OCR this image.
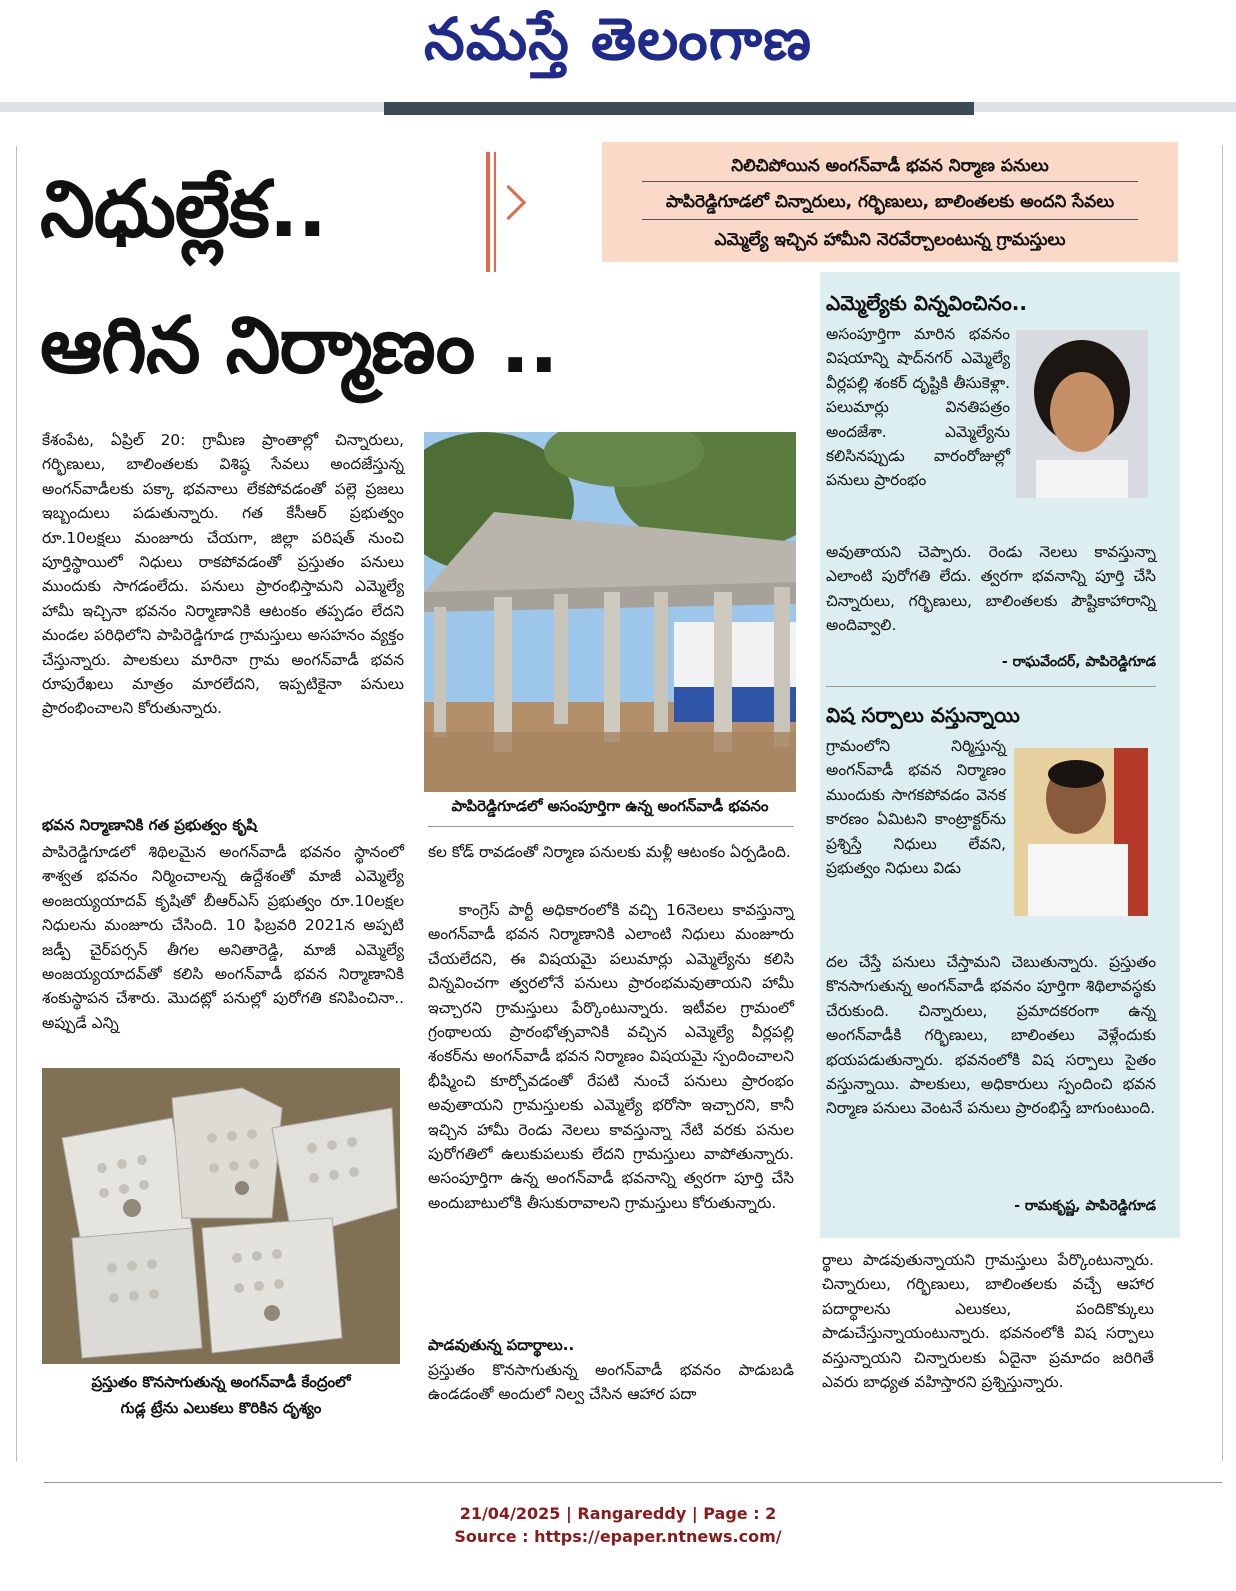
నమస్తే తెలంగాణ
నిధుల్లేక..
ఆగిన నిర్మాణం ..
నిలిచిపోయిన అంగన్‌వాడీ భవన నిర్మాణ పనులు
పాపిరెడ్డిగూడలో చిన్నారులు, గర్భిణులు, బాలింతలకు అందని సేవలు
ఎమ్మెల్యే ఇచ్చిన హామీని నెరవేర్చాలంటున్న గ్రామస్తులు

కేశంపేట, ఏప్రిల్ 20: గ్రామీణ ప్రాంతాల్లో చిన్నారులు, గర్భిణులు, బాలింతలకు విశిష్ఠ సేవలు అందజేస్తున్న అంగన్‌వాడీలకు పక్కా భవనాలు లేకపోవడంతో పల్లె ప్రజలు ఇబ్బందులు పడుతున్నారు. గత కేసీఆర్ ప్రభుత్వం రూ.10లక్షలు మంజూరు చేయగా, జిల్లా పరిషత్ నుంచి పూర్తిస్థాయిలో నిధులు రాకపోవడంతో ప్రస్తుతం పనులు ముందుకు సాగడంలేదు. పనులు ప్రారంభిస్తామని ఎమ్మెల్యే హామీ ఇచ్చినా భవనం నిర్మాణానికి ఆటంకం తప్పడం లేదని మండల పరిధిలోని పాపిరెడ్డిగూడ గ్రామస్తులు అసహనం వ్యక్తం చేస్తున్నారు. పాలకులు మారినా గ్రామ అంగన్‌వాడీ భవన రూపురేఖలు మాత్రం మారలేదని, ఇప్పటికైనా పనులు ప్రారంభించాలని కోరుతున్నారు.

భవన నిర్మాణానికి గత ప్రభుత్వం కృషి

పాపిరెడ్డిగూడలో శిథిలమైన అంగన్‌వాడీ భవనం స్థానంలో శాశ్వత భవనం నిర్మించాలన్న ఉద్దేశంతో మాజీ ఎమ్మెల్యే అంజయ్యయాదవ్ కృషితో బీఆర్‌ఎస్ ప్రభుత్వం రూ.10లక్షల నిధులను మంజూరు చేసింది. 10 ఫిబ్రవరి 2021న అప్పటి జడ్పీ చైర్‌పర్సన్ తీగల అనితారెడ్డి, మాజీ ఎమ్మెల్యే అంజయ్యయాదవ్‌తో కలిసి అంగన్‌వాడీ భవన నిర్మాణానికి శంకుస్థాపన చేశారు. మొదట్లో పనుల్లో పురోగతి కనిపించినా.. అప్పుడే ఎన్ని

ప్రస్తుతం కొనసాగుతున్న అంగన్‌వాడీ కేంద్రంలో
గుడ్ల ట్రేను ఎలుకలు కొరికిన దృశ్యం
పాపిరెడ్డిగూడలో అసంపూర్తిగా ఉన్న అంగన్‌వాడీ భవనం

కల కోడ్ రావడంతో నిర్మాణ పనులకు మళ్లీ ఆటంకం ఏర్పడింది.

కాంగ్రెస్ పార్టీ అధికారంలోకి వచ్చి 16నెలలు కావస్తున్నా అంగన్‌వాడీ భవన నిర్మాణానికి ఎలాంటి నిధులు మంజూరు చేయలేదని, ఈ విషయమై పలుమార్లు ఎమ్మెల్యేను కలిసి విన్నవించగా త్వరలోనే పనులు ప్రారంభమవుతాయని హామీ ఇచ్చారని గ్రామస్తులు పేర్కొంటున్నారు. ఇటీవల గ్రామంలో గ్రంథాలయ ప్రారంభోత్సవానికి వచ్చిన ఎమ్మెల్యే వీర్లపల్లి శంకర్‌ను అంగన్‌వాడీ భవన నిర్మాణం విషయమై స్పందించాలని భీష్మించి కూర్చోవడంతో రేపటి నుంచే పనులు ప్రారంభం అవుతాయని గ్రామస్తులకు ఎమ్మెల్యే భరోసా ఇచ్చారని, కానీ ఇచ్చిన హామీ రెండు నెలలు కావస్తున్నా నేటి వరకు పనుల పురోగతిలో ఉలుకుపలుకు లేదని గ్రామస్తులు వాపోతున్నారు. అసంపూర్తిగా ఉన్న అంగన్‌వాడీ భవనాన్ని త్వరగా పూర్తి చేసి అందుబాటులోకి తీసుకురావాలని గ్రామస్తులు కోరుతున్నారు.

పాడవుతున్న పదార్థాలు..

ప్రస్తుతం కొనసాగుతున్న అంగన్‌వాడీ భవనం పాడుబడి ఉండడంతో అందులో నిల్వ చేసిన ఆహార పదా

ఎమ్మెల్యేకు విన్నవించినం..

అసంపూర్తిగా మారిన భవనం విషయాన్ని షాద్‌నగర్ ఎమ్మెల్యే వీర్లపల్లి శంకర్ దృష్టికి తీసుకెళ్లా. పలుమార్లు వినతిపత్రం అందజేశా. ఎమ్మెల్యేను కలిసినప్పుడు వారంరోజుల్లో పనులు ప్రారంభం

అవుతాయని చెప్పారు. రెండు నెలలు కావస్తున్నా ఎలాంటి పురోగతి లేదు. త్వరగా భవనాన్ని పూర్తి చేసి చిన్నారులు, గర్భిణులు, బాలింతలకు పౌష్టికాహారాన్ని అందివ్వాలి.

- రాఘవేందర్, పాపిరెడ్డిగూడ
విష సర్పాలు వస్తున్నాయి

గ్రామంలోని నిర్మిస్తున్న అంగన్‌వాడీ భవన నిర్మాణం ముందుకు సాగకపోవడం వెనక కారణం ఏమిటని కాంట్రాక్టర్‌ను ప్రశ్నిస్తే నిధులు లేవని, ప్రభుత్వం నిధులు విడు

దల చేస్తే పనులు చేస్తామని చెబుతున్నారు. ప్రస్తుతం కొనసాగుతున్న అంగన్‌వాడీ భవనం పూర్తిగా శిథిలావస్థకు చేరుకుంది. చిన్నారులు, ప్రమాదకరంగా ఉన్న అంగన్‌వాడీకి గర్భిణులు, బాలింతలు వెళ్లేందుకు భయపడుతున్నారు. భవనంలోకి విష సర్పాలు సైతం వస్తున్నాయి. పాలకులు, అధికారులు స్పందించి భవన నిర్మాణ పనులు వెంటనే పనులు ప్రారంభిస్తే బాగుంటుంది.

- రామకృష్ణ, పాపిరెడ్డిగూడ

ర్థాలు పాడవుతున్నాయని గ్రామస్తులు పేర్కొంటున్నారు. చిన్నారులు, గర్భిణులు, బాలింతలకు వచ్చే ఆహార పదార్థాలను ఎలుకలు, పందికొక్కులు పాడుచేస్తున్నాయంటున్నారు. భవనంలోకి విష సర్పాలు వస్తున్నాయని చిన్నారులకు ఏదైనా ప్రమాదం జరిగితే ఎవరు బాధ్యత వహిస్తారని ప్రశ్నిస్తున్నారు.

21/04/2025 | Rangareddy | Page : 2
Source : https://epaper.ntnews.com/
